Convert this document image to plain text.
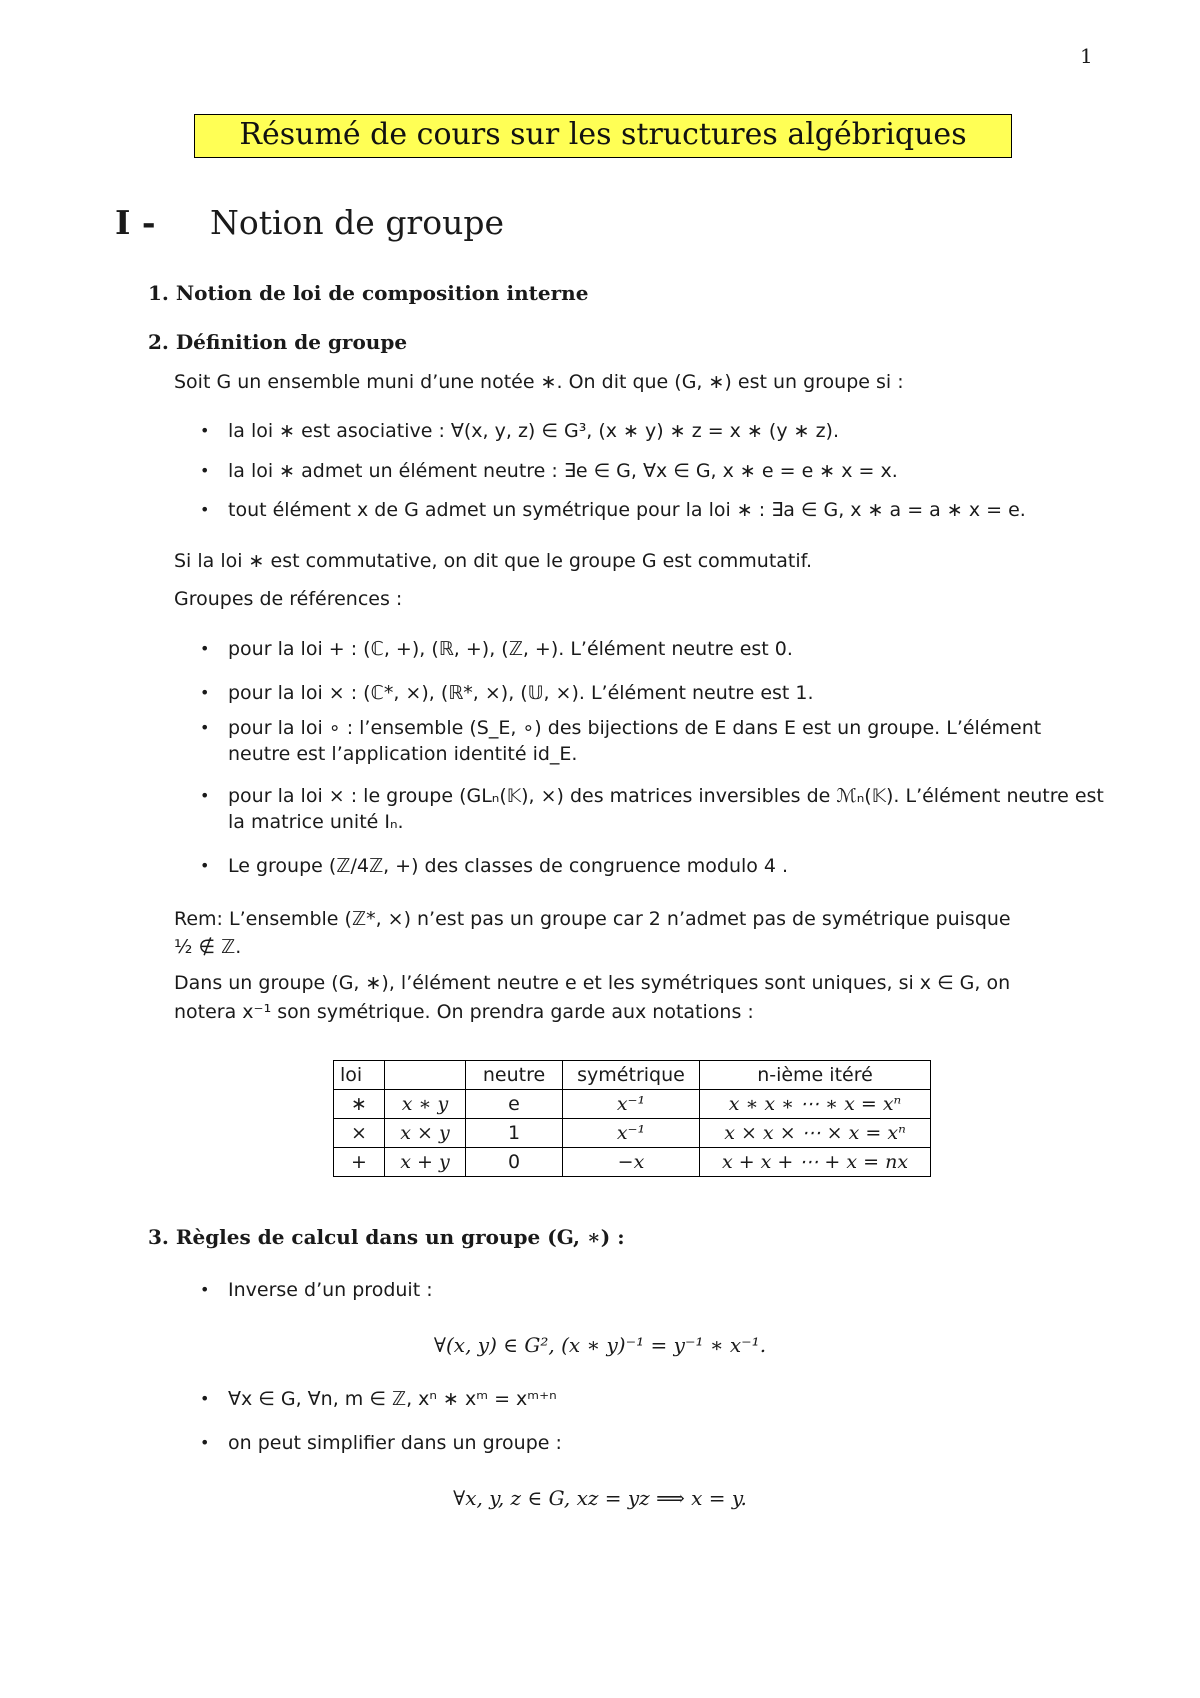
1
Résumé de cours sur les structures algébriques
I - Notion de groupe
1. Notion de loi de composition interne
2. Définition de groupe
Soit G un ensemble muni d’une notée ∗. On dit que (G, ∗) est un groupe si :
• la loi ∗ est asociative : ∀(x, y, z) ∈ G³, (x ∗ y) ∗ z = x ∗ (y ∗ z).
• la loi ∗ admet un élément neutre : ∃e ∈ G, ∀x ∈ G, x ∗ e = e ∗ x = x.
• tout élément x de G admet un symétrique pour la loi ∗ : ∃a ∈ G, x ∗ a = a ∗ x = e.
Si la loi ∗ est commutative, on dit que le groupe G est commutatif.
Groupes de références :
• pour la loi + : (ℂ, +), (ℝ, +), (ℤ, +). L’élément neutre est 0.
• pour la loi × : (ℂ*, ×), (ℝ*, ×), (𝕌, ×). L’élément neutre est 1.
• pour la loi ∘ : l’ensemble (S_E, ∘) des bijections de E dans E est un groupe. L’élément neutre est l’application identité id_E.
• pour la loi × : le groupe (GLₙ(𝕂), ×) des matrices inversibles de ℳₙ(𝕂). L’élément neutre est la matrice unité Iₙ.
• Le groupe (ℤ/4ℤ, +) des classes de congruence modulo 4 .
Rem: L’ensemble (ℤ*, ×) n’est pas un groupe car 2 n’admet pas de symétrique puisque
½ ∉ ℤ.
Dans un groupe (G, ∗), l’élément neutre e et les symétriques sont uniques, si x ∈ G, on
notera x⁻¹ son symétrique. On prendra garde aux notations :
loi		neutre	symétrique	n-ième itéré
∗	x ∗ y	e	x⁻¹	x ∗ x ∗ ⋯ ∗ x = xⁿ
×	x × y	1	x⁻¹	x × x × ⋯ × x = xⁿ
+	x + y	0	−x	x + x + ⋯ + x = nx
3. Règles de calcul dans un groupe (G, ∗) :
• Inverse d’un produit :
∀(x, y) ∈ G², (x ∗ y)⁻¹ = y⁻¹ ∗ x⁻¹.
• ∀x ∈ G, ∀n, m ∈ ℤ, xⁿ ∗ xᵐ = xᵐ⁺ⁿ
• on peut simplifier dans un groupe :
∀x, y, z ∈ G, xz = yz ⟹ x = y.
